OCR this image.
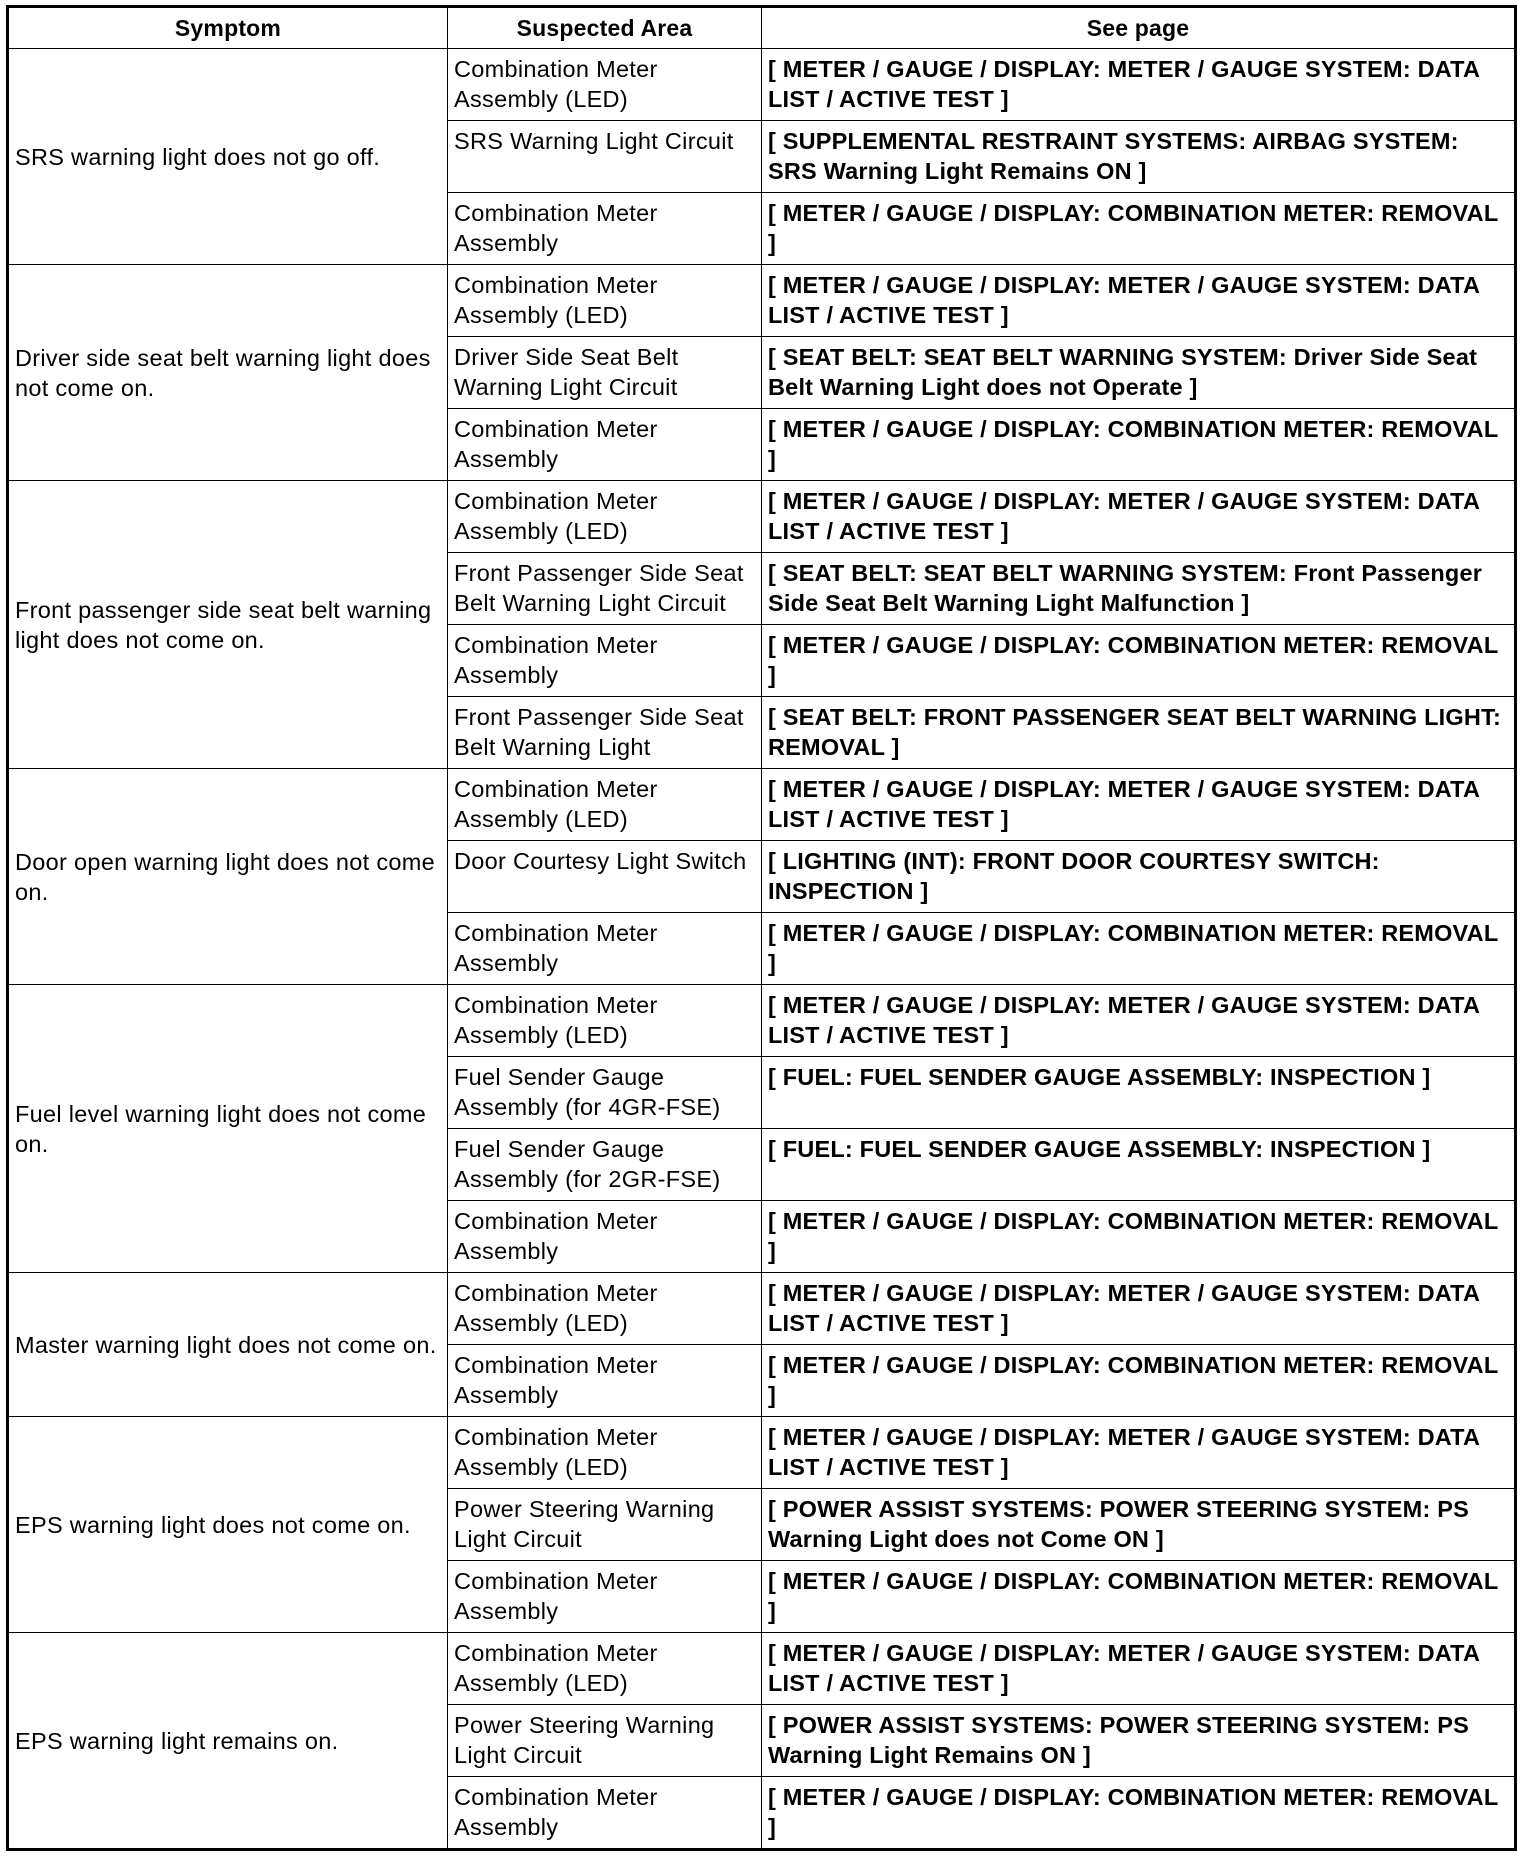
Symptom	Suspected Area	See page
SRS warning light does not go off.	Combination Meter Assembly (LED)	[ METER / GAUGE / DISPLAY: METER / GAUGE SYSTEM: DATA LIST / ACTIVE TEST ]
	SRS Warning Light Circuit	[ SUPPLEMENTAL RESTRAINT SYSTEMS: AIRBAG SYSTEM: SRS Warning Light Remains ON ]
	Combination Meter Assembly	[ METER / GAUGE / DISPLAY: COMBINATION METER: REMOVAL ]
Driver side seat belt warning light does not come on.	Combination Meter Assembly (LED)	[ METER / GAUGE / DISPLAY: METER / GAUGE SYSTEM: DATA LIST / ACTIVE TEST ]
	Driver Side Seat Belt Warning Light Circuit	[ SEAT BELT: SEAT BELT WARNING SYSTEM: Driver Side Seat Belt Warning Light does not Operate ]
	Combination Meter Assembly	[ METER / GAUGE / DISPLAY: COMBINATION METER: REMOVAL ]
Front passenger side seat belt warning light does not come on.	Combination Meter Assembly (LED)	[ METER / GAUGE / DISPLAY: METER / GAUGE SYSTEM: DATA LIST / ACTIVE TEST ]
	Front Passenger Side Seat Belt Warning Light Circuit	[ SEAT BELT: SEAT BELT WARNING SYSTEM: Front Passenger Side Seat Belt Warning Light Malfunction ]
	Combination Meter Assembly	[ METER / GAUGE / DISPLAY: COMBINATION METER: REMOVAL ]
	Front Passenger Side Seat Belt Warning Light	[ SEAT BELT: FRONT PASSENGER SEAT BELT WARNING LIGHT: REMOVAL ]
Door open warning light does not come on.	Combination Meter Assembly (LED)	[ METER / GAUGE / DISPLAY: METER / GAUGE SYSTEM: DATA LIST / ACTIVE TEST ]
	Door Courtesy Light Switch	[ LIGHTING (INT): FRONT DOOR COURTESY SWITCH: INSPECTION ]
	Combination Meter Assembly	[ METER / GAUGE / DISPLAY: COMBINATION METER: REMOVAL ]
Fuel level warning light does not come on.	Combination Meter Assembly (LED)	[ METER / GAUGE / DISPLAY: METER / GAUGE SYSTEM: DATA LIST / ACTIVE TEST ]
	Fuel Sender Gauge Assembly (for 4GR-FSE)	[ FUEL: FUEL SENDER GAUGE ASSEMBLY: INSPECTION ]
	Fuel Sender Gauge Assembly (for 2GR-FSE)	[ FUEL: FUEL SENDER GAUGE ASSEMBLY: INSPECTION ]
	Combination Meter Assembly	[ METER / GAUGE / DISPLAY: COMBINATION METER: REMOVAL ]
Master warning light does not come on.	Combination Meter Assembly (LED)	[ METER / GAUGE / DISPLAY: METER / GAUGE SYSTEM: DATA LIST / ACTIVE TEST ]
	Combination Meter Assembly	[ METER / GAUGE / DISPLAY: COMBINATION METER: REMOVAL ]
EPS warning light does not come on.	Combination Meter Assembly (LED)	[ METER / GAUGE / DISPLAY: METER / GAUGE SYSTEM: DATA LIST / ACTIVE TEST ]
	Power Steering Warning Light Circuit	[ POWER ASSIST SYSTEMS: POWER STEERING SYSTEM: PS Warning Light does not Come ON ]
	Combination Meter Assembly	[ METER / GAUGE / DISPLAY: COMBINATION METER: REMOVAL ]
EPS warning light remains on.	Combination Meter Assembly (LED)	[ METER / GAUGE / DISPLAY: METER / GAUGE SYSTEM: DATA LIST / ACTIVE TEST ]
	Power Steering Warning Light Circuit	[ POWER ASSIST SYSTEMS: POWER STEERING SYSTEM: PS Warning Light Remains ON ]
	Combination Meter Assembly	[ METER / GAUGE / DISPLAY: COMBINATION METER: REMOVAL ]
